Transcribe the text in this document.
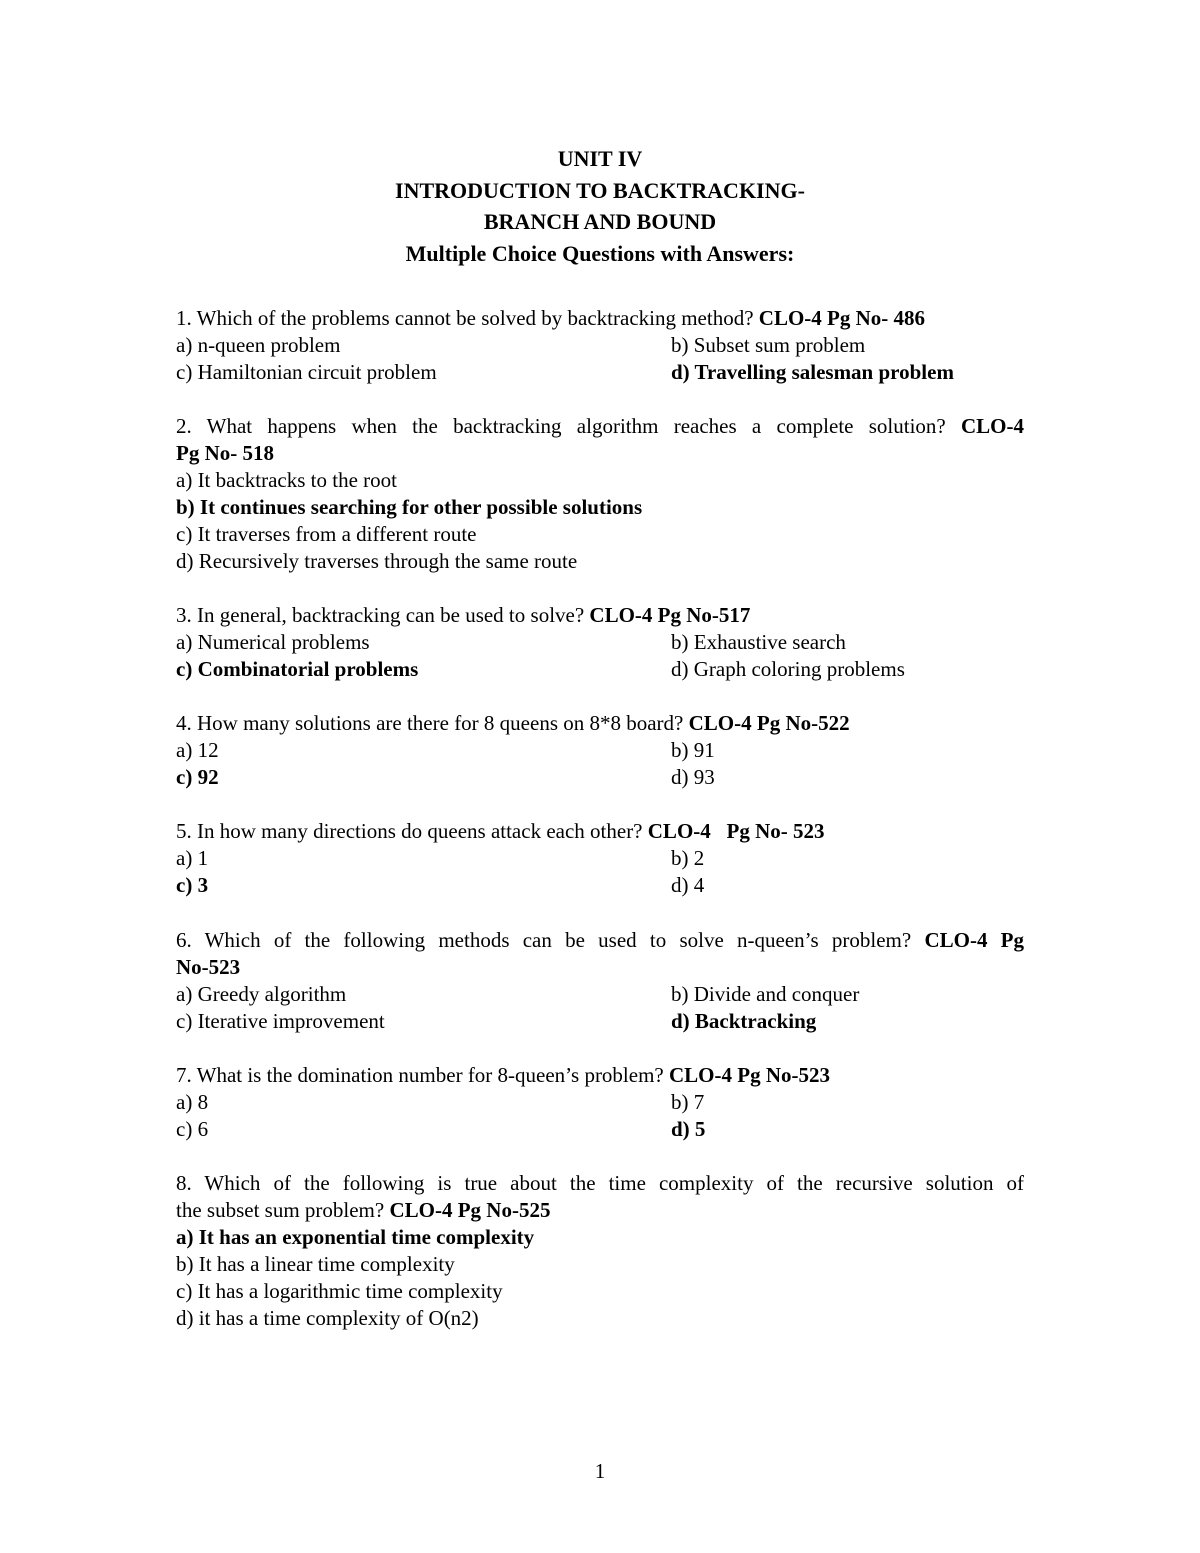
UNIT IV
INTRODUCTION TO BACKTRACKING-
BRANCH AND BOUND
Multiple Choice Questions with Answers:
1. Which of the problems cannot be solved by backtracking method? CLO-4 Pg No- 486
a) n-queen problem	b) Subset sum problem
c) Hamiltonian circuit problem	d) Travelling salesman problem
2. What happens when the backtracking algorithm reaches a complete solution? CLO-4
Pg No- 518
a) It backtracks to the root
b) It continues searching for other possible solutions
c) It traverses from a different route
d) Recursively traverses through the same route
3. In general, backtracking can be used to solve? CLO-4 Pg No-517
a) Numerical problems	b) Exhaustive search
c) Combinatorial problems	d) Graph coloring problems
4. How many solutions are there for 8 queens on 8*8 board? CLO-4 Pg No-522
a) 12	b) 91
c) 92	d) 93
5. In how many directions do queens attack each other? CLO-4   Pg No- 523
a) 1	b) 2
c) 3	d) 4
6. Which of the following methods can be used to solve n-queen’s problem? CLO-4 Pg
No-523
a) Greedy algorithm	b) Divide and conquer
c) Iterative improvement	d) Backtracking
7. What is the domination number for 8-queen’s problem? CLO-4 Pg No-523
a) 8	b) 7
c) 6	d) 5
8. Which of the following is true about the time complexity of the recursive solution of
the subset sum problem? CLO-4 Pg No-525
a) It has an exponential time complexity
b) It has a linear time complexity
c) It has a logarithmic time complexity
d) it has a time complexity of O(n2)
1
